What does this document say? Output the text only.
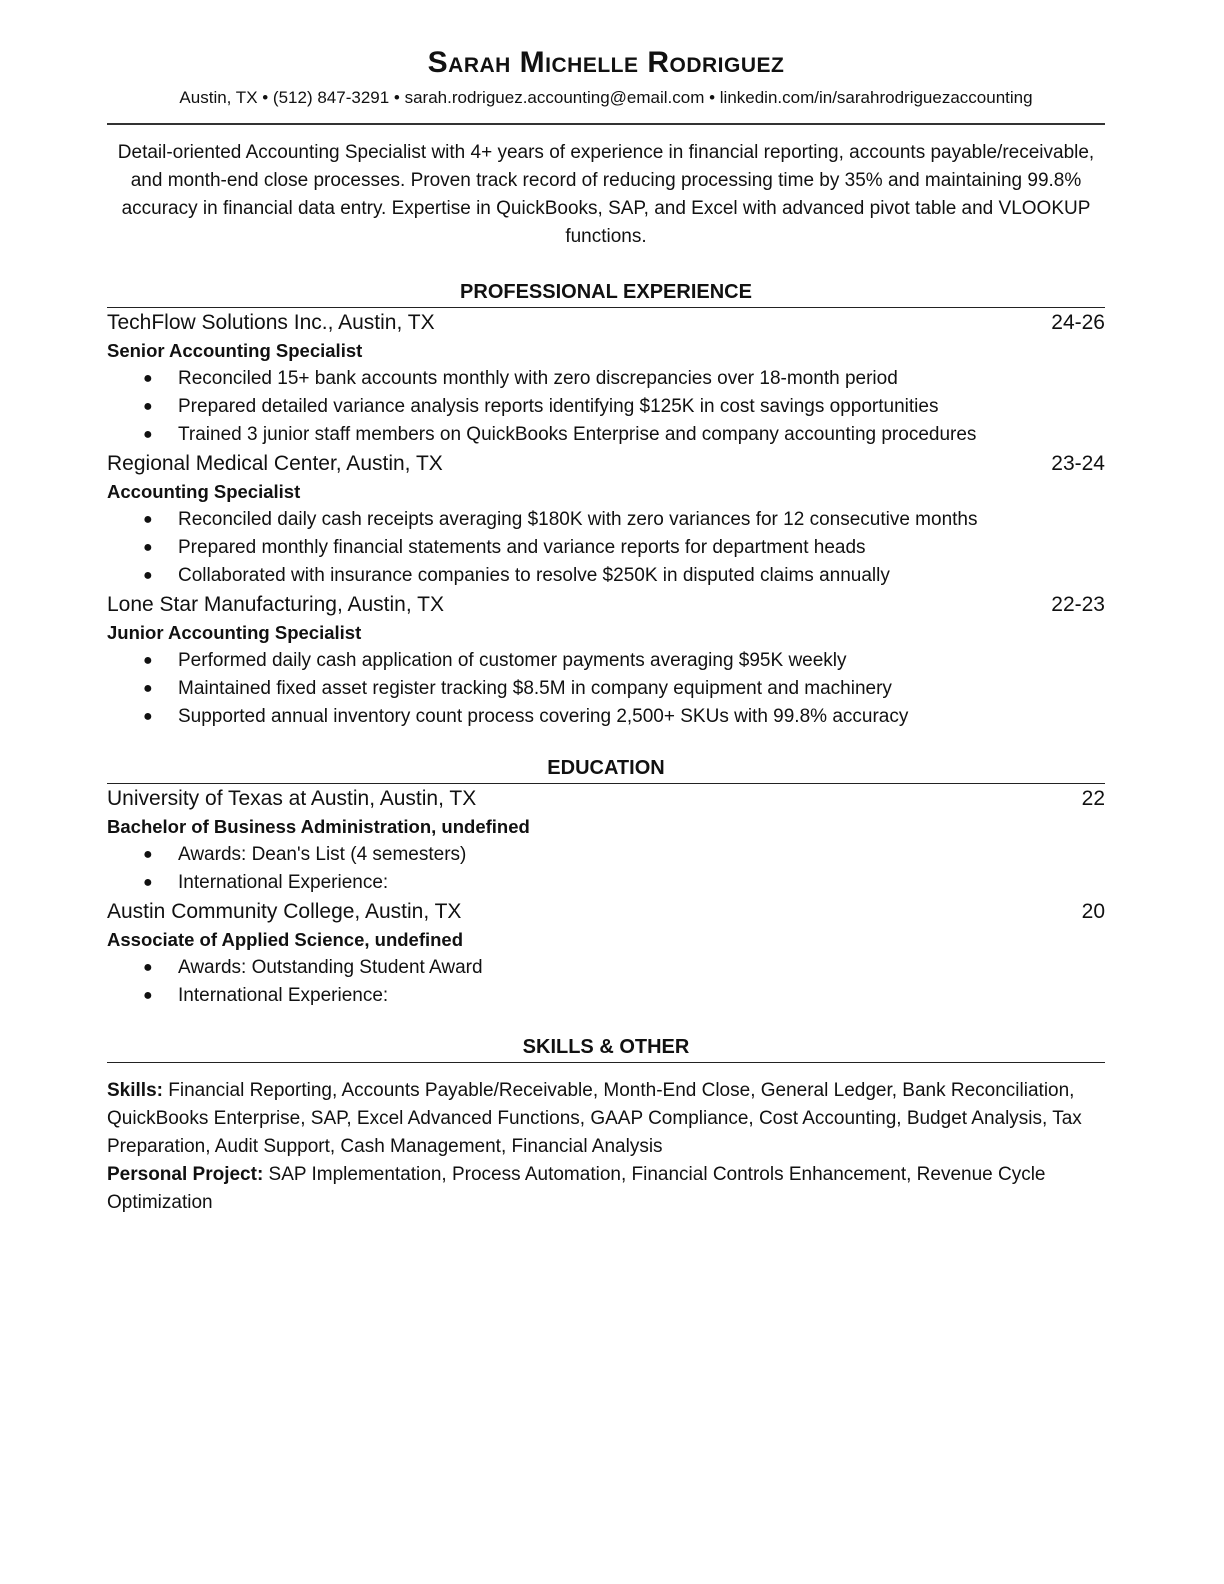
Sarah Michelle Rodriguez
Austin, TX • (512) 847-3291 • sarah.rodriguez.accounting@email.com • linkedin.com/in/sarahrodriguezaccounting
Detail-oriented Accounting Specialist with 4+ years of experience in financial reporting, accounts payable/receivable, and month-end close processes. Proven track record of reducing processing time by 35% and maintaining 99.8% accuracy in financial data entry. Expertise in QuickBooks, SAP, and Excel with advanced pivot table and VLOOKUP functions.
PROFESSIONAL EXPERIENCE
TechFlow Solutions Inc., Austin, TX	24-26
Senior Accounting Specialist
● Reconciled 15+ bank accounts monthly with zero discrepancies over 18-month period
● Prepared detailed variance analysis reports identifying $125K in cost savings opportunities
● Trained 3 junior staff members on QuickBooks Enterprise and company accounting procedures
Regional Medical Center, Austin, TX	23-24
Accounting Specialist
● Reconciled daily cash receipts averaging $180K with zero variances for 12 consecutive months
● Prepared monthly financial statements and variance reports for department heads
● Collaborated with insurance companies to resolve $250K in disputed claims annually
Lone Star Manufacturing, Austin, TX	22-23
Junior Accounting Specialist
● Performed daily cash application of customer payments averaging $95K weekly
● Maintained fixed asset register tracking $8.5M in company equipment and machinery
● Supported annual inventory count process covering 2,500+ SKUs with 99.8% accuracy
EDUCATION
University of Texas at Austin, Austin, TX	22
Bachelor of Business Administration, undefined
● Awards: Dean's List (4 semesters)
● International Experience:
Austin Community College, Austin, TX	20
Associate of Applied Science, undefined
● Awards: Outstanding Student Award
● International Experience:
SKILLS & OTHER
Skills: Financial Reporting, Accounts Payable/Receivable, Month-End Close, General Ledger, Bank Reconciliation, QuickBooks Enterprise, SAP, Excel Advanced Functions, GAAP Compliance, Cost Accounting, Budget Analysis, Tax Preparation, Audit Support, Cash Management, Financial Analysis
Personal Project: SAP Implementation, Process Automation, Financial Controls Enhancement, Revenue Cycle Optimization
